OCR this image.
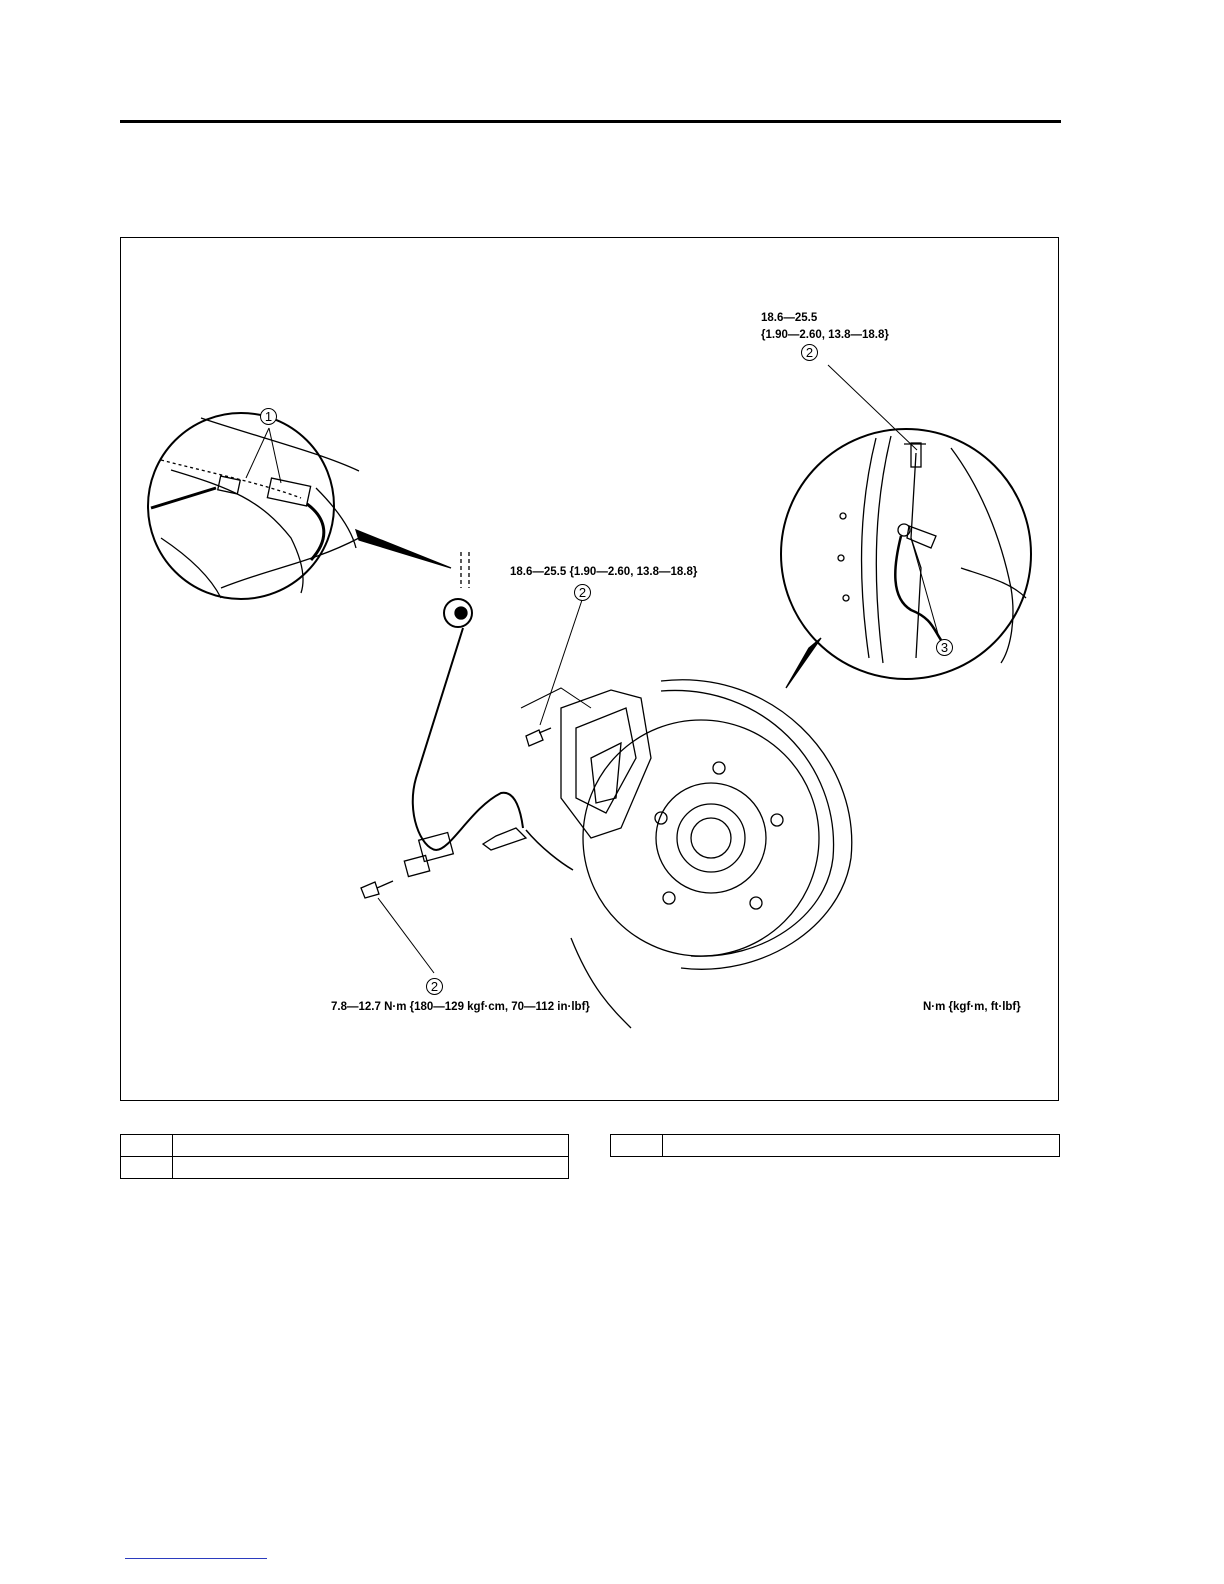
18.6—25.5
{1.90—2.60, 13.8—18.8}
2
1
18.6—25.5 {1.90—2.60, 13.8—18.8}
2
3
2
7.8—12.7 N·m {180—129 kgf·cm, 70—112 in·lbf}	N·m {kgf·m, ft·lbf}
